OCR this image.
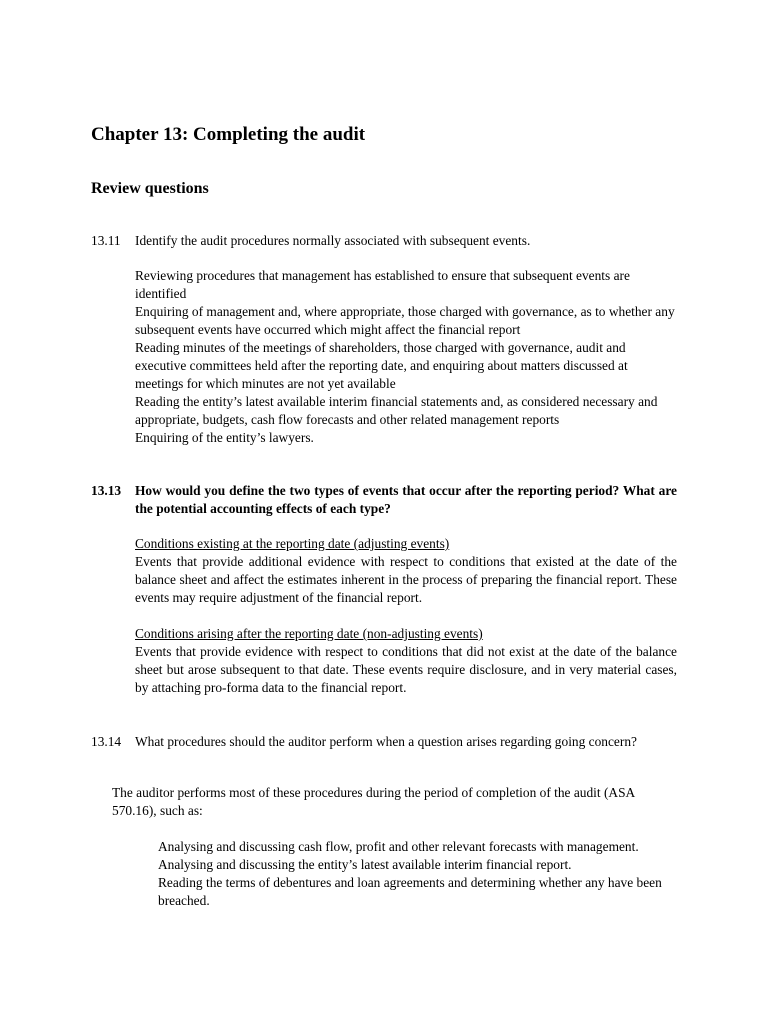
Chapter 13: Completing the audit
Review questions
13.11 Identify the audit procedures normally associated with subsequent events.

Reviewing procedures that management has established to ensure that subsequent events are identified

Enquiring of management and, where appropriate, those charged with governance, as to whether any subsequent events have occurred which might affect the financial report

Reading minutes of the meetings of shareholders, those charged with governance, audit and executive committees held after the reporting date, and enquiring about matters discussed at meetings for which minutes are not yet available

Reading the entity’s latest available interim financial statements and, as considered necessary and appropriate, budgets, cash flow forecasts and other related management reports

Enquiring of the entity’s lawyers.

13.13 How would you define the two types of events that occur after the reporting period? What are the potential accounting effects of each type?

Conditions existing at the reporting date (adjusting events)

Events that provide additional evidence with respect to conditions that existed at the date of the balance sheet and affect the estimates inherent in the process of preparing the financial report. These events may require adjustment of the financial report.

Conditions arising after the reporting date (non-adjusting events)

Events that provide evidence with respect to conditions that did not exist at the date of the balance sheet but arose subsequent to that date. These events require disclosure, and in very material cases, by attaching pro-forma data to the financial report.

13.14 What procedures should the auditor perform when a question arises regarding going concern?

The auditor performs most of these procedures during the period of completion of the audit (ASA 570.16), such as:

Analysing and discussing cash flow, profit and other relevant forecasts with management.

Analysing and discussing the entity’s latest available interim financial report.

Reading the terms of debentures and loan agreements and determining whether any have been breached.
